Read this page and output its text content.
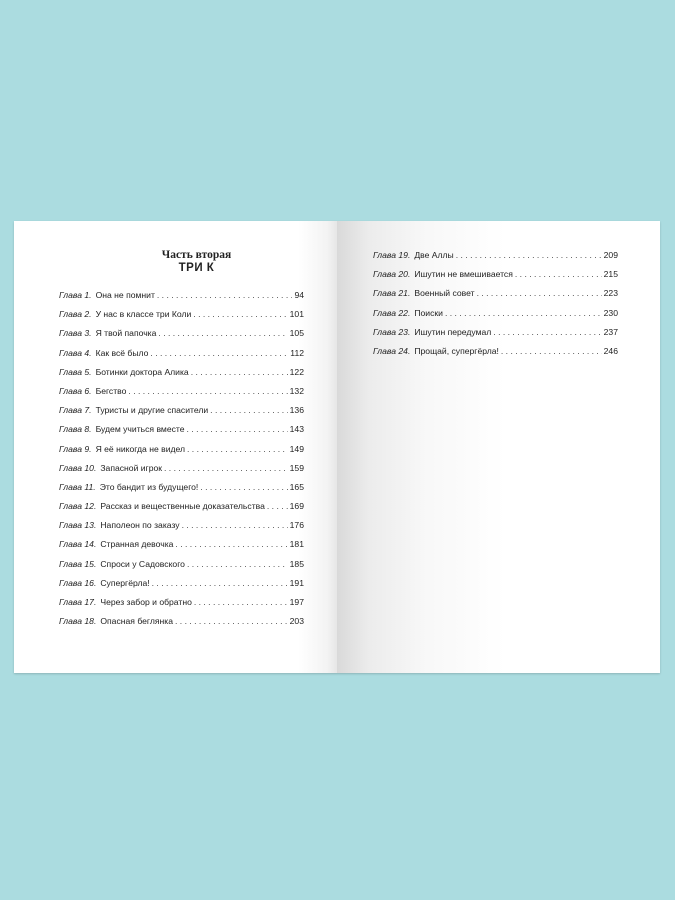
Часть вторая
ТРИ К
Глава 1. Она не помнит . . .	94
Глава 2. У нас в классе три Коли . . .	101
Глава 3. Я твой папочка . . .	105
Глава 4. Как всё было . . .	112
Глава 5. Ботинки доктора Алика . . .	122
Глава 6. Бегство . . .	132
Глава 7. Туристы и другие спасители . . .	136
Глава 8. Будем учиться вместе . . .	143
Глава 9. Я её никогда не видел . . .	149
Глава 10. Запасной игрок . . .	159
Глава 11. Это бандит из будущего! . . .	165
Глава 12. Рассказ и вещественные доказательства . . .	169
Глава 13. Наполеон по заказу . . .	176
Глава 14. Странная девочка . . .	181
Глава 15. Спроси у Садовского . . .	185
Глава 16. Супергёрла! . . .	191
Глава 17. Через забор и обратно . . .	197
Глава 18. Опасная беглянка . . .	203
Глава 19. Две Аллы . . .	209
Глава 20. Ишутин не вмешивается . . .	215
Глава 21. Военный совет . . .	223
Глава 22. Поиски . . .	230
Глава 23. Ишутин передумал . . .	237
Глава 24. Прощай, супергёрла! . . .	246
